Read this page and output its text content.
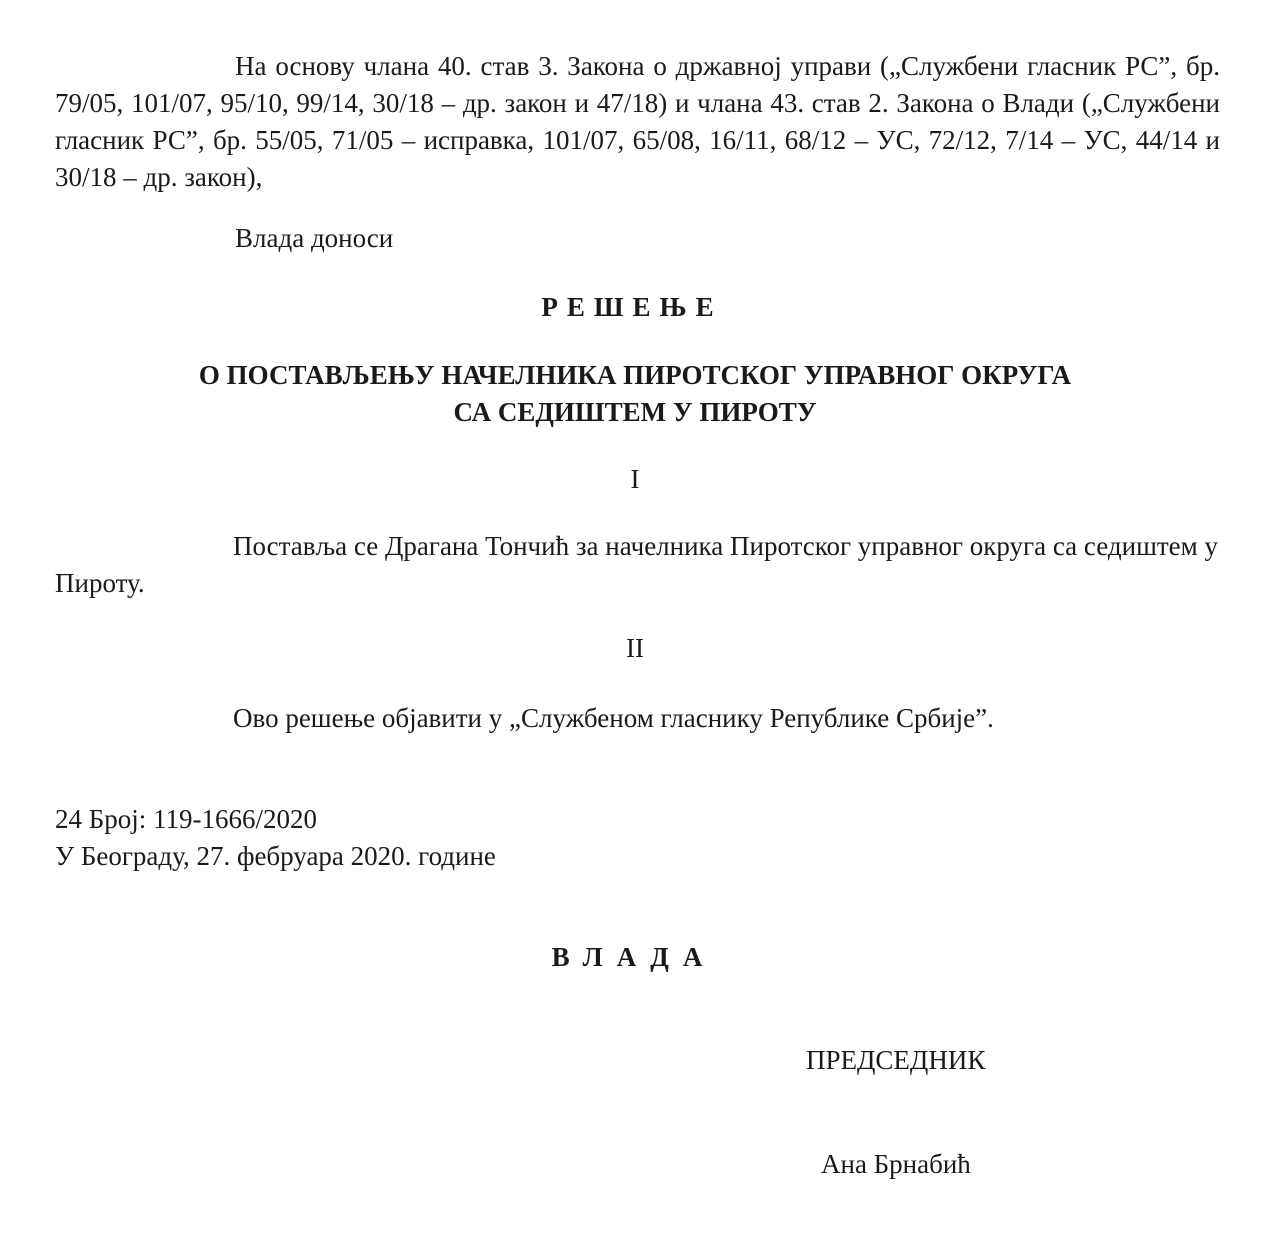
На основу члана 40. став 3. Закона о државној управи („Службени гласник РС”, бр. 79/05, 101/07, 95/10, 99/14, 30/18 – др. закон и 47/18) и члана 43. став 2. Закона о Влади („Службени гласник РС”, бр. 55/05, 71/05 – исправка, 101/07, 65/08, 16/11, 68/12 – УС, 72/12, 7/14 – УС, 44/14 и 30/18 – др. закон),
Влада доноси
РЕШЕЊЕ
О ПОСТАВЉЕЊУ НАЧЕЛНИКА ПИРОТСКОГ УПРАВНОГ ОКРУГА
СА СЕДИШТЕМ У ПИРОТУ
I
Поставља се Драгана Тончић за начелника Пиротског управног округа са седиштем у Пироту.
II
Ово решење објавити у „Службеном гласнику Републике Србије”.
24 Број: 119-1666/2020
У Београду, 27. фебруара 2020. године
ВЛАДА
ПРЕДСЕДНИК
Ана Брнабић
